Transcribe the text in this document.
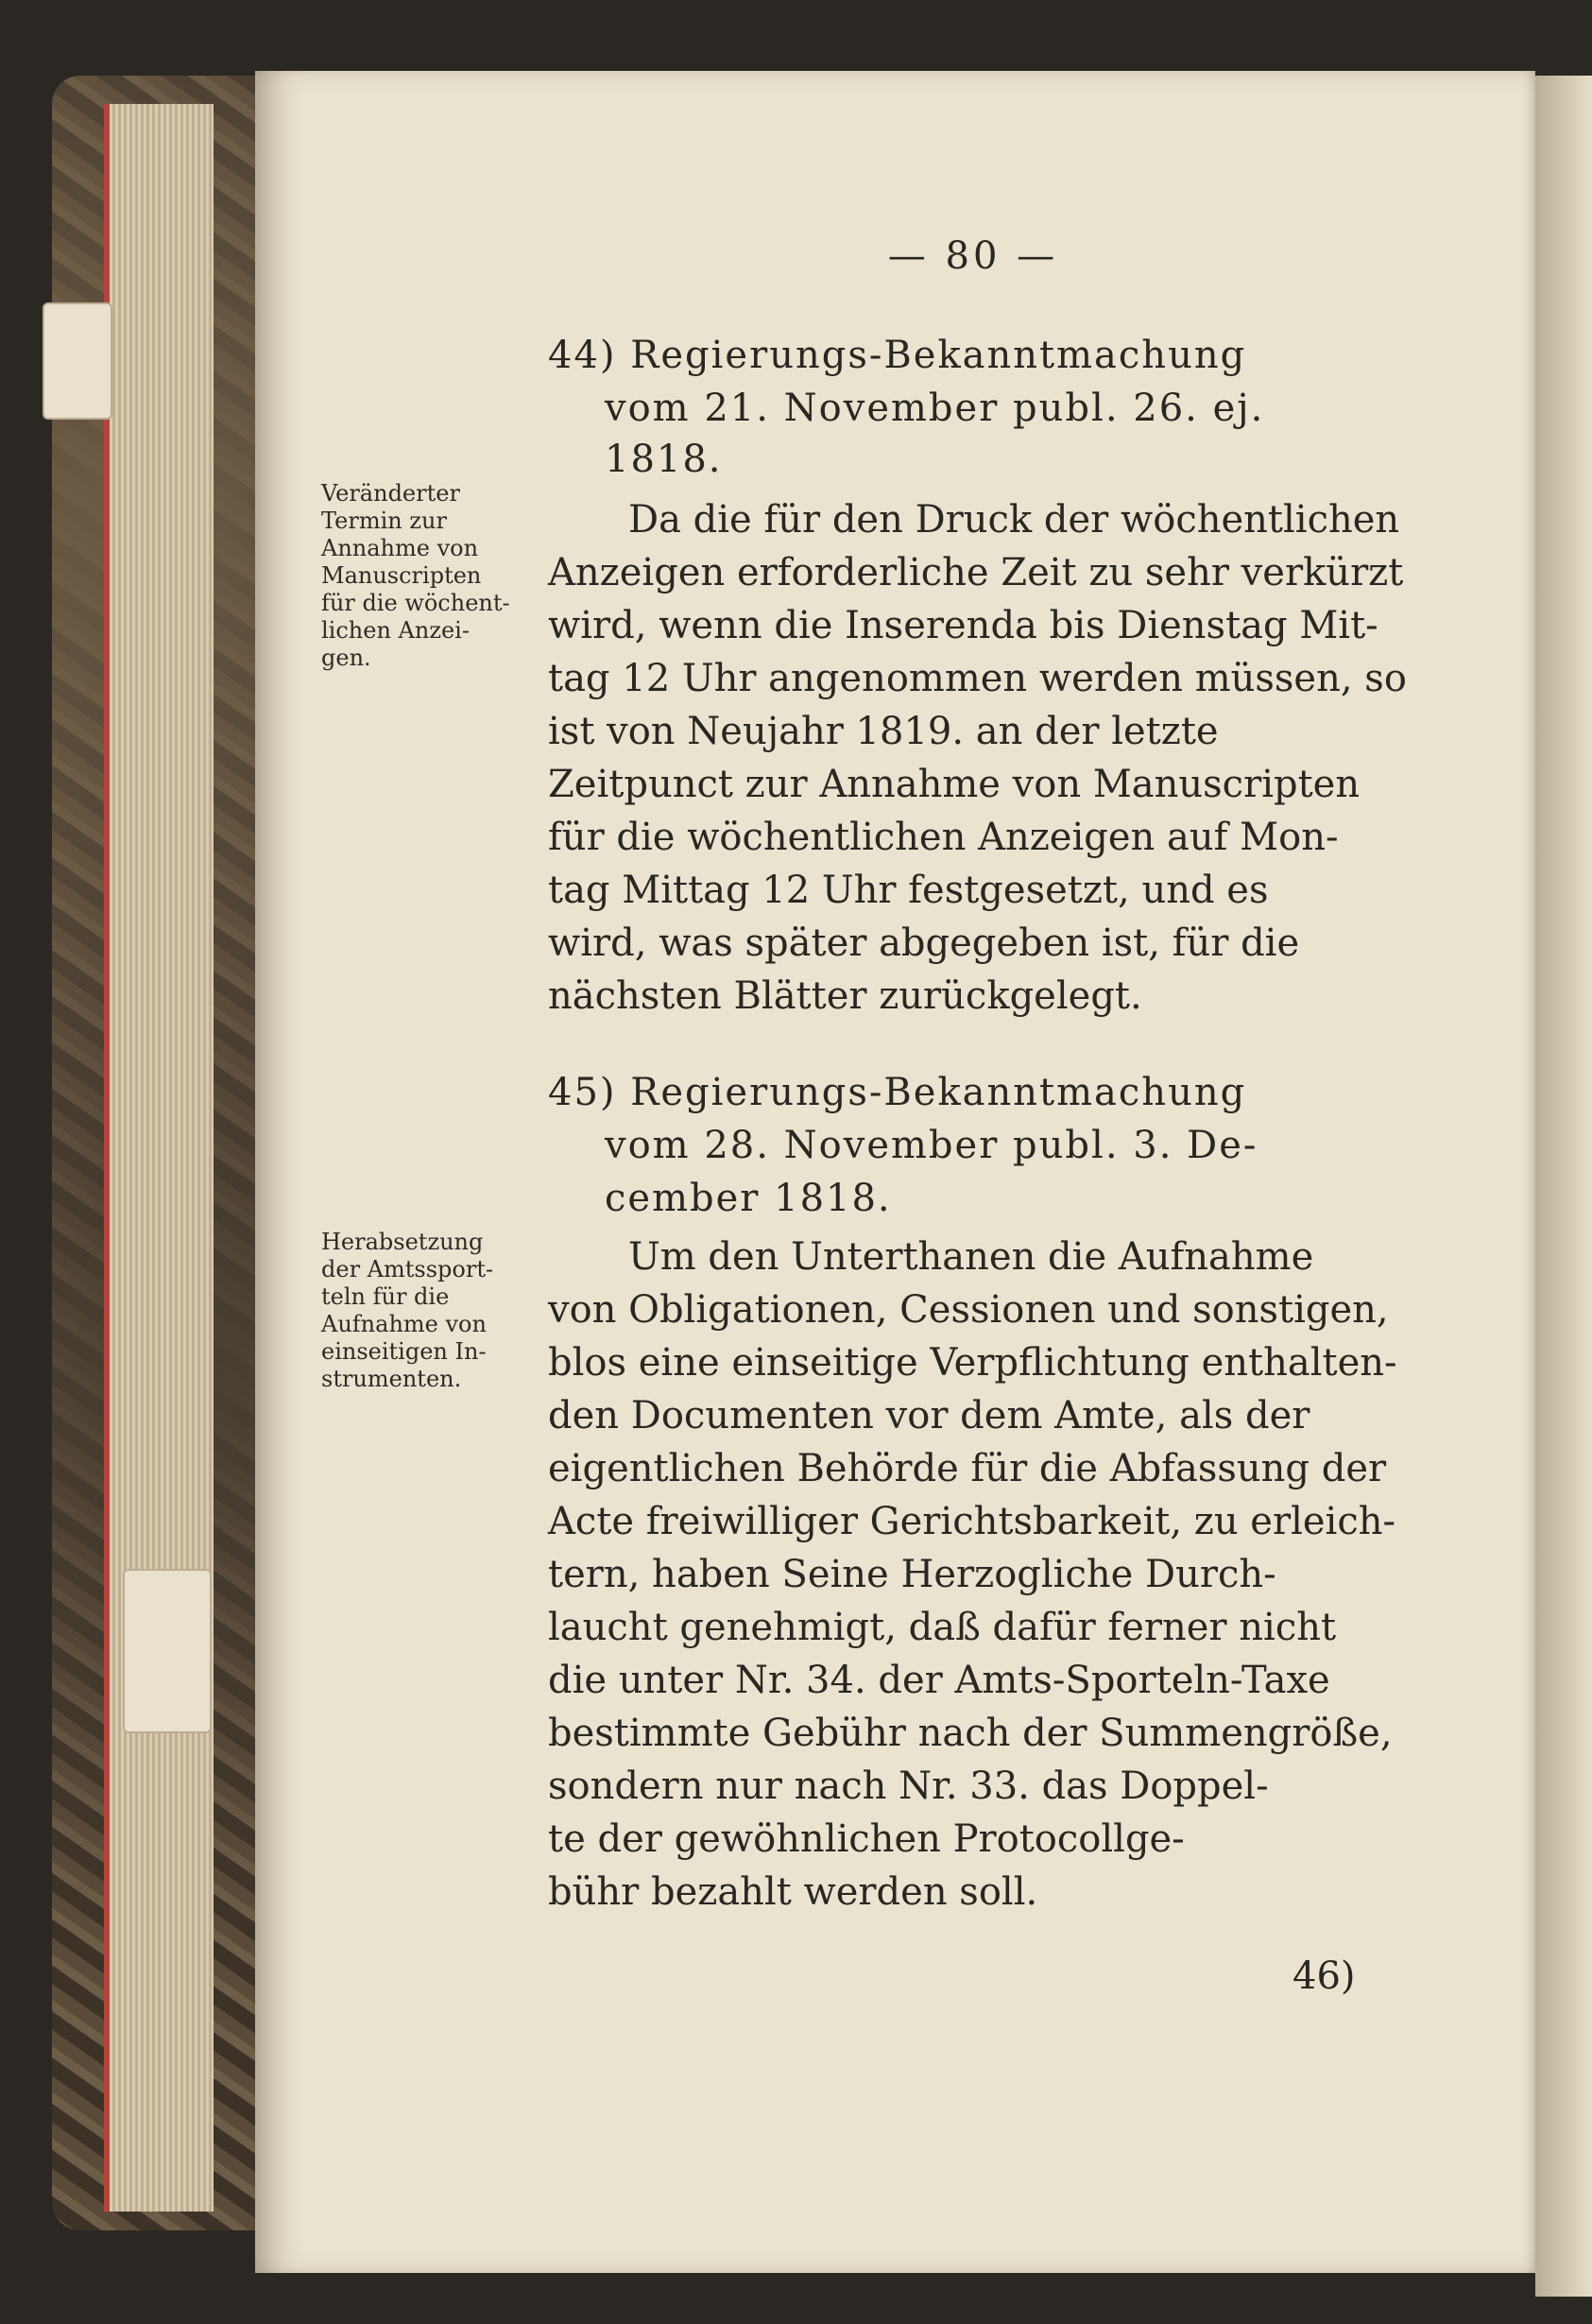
— 80 —
44) Regierungs-Bekanntmachung
vom 21. November publ. 26. ej.
1818.
Veränderter
Termin zur
Annahme von
Manuscripten
für die wöchent-
lichen Anzei-
gen.
Da die für den Druck der wöchentlichen
Anzeigen erforderliche Zeit zu sehr verkürzt
wird, wenn die Inserenda bis Dienstag Mit-
tag 12 Uhr angenommen werden müssen, so
ist von Neujahr 1819. an der letzte
Zeitpunct zur Annahme von Manuscripten
für die wöchentlichen Anzeigen auf Mon-
tag Mittag 12 Uhr festgesetzt, und es
wird, was später abgegeben ist, für die
nächsten Blätter zurückgelegt.
45) Regierungs-Bekanntmachung
vom 28. November publ. 3. De-
cember 1818.
Herabsetzung
der Amtssport-
teln für die
Aufnahme von
einseitigen In-
strumenten.
Um den Unterthanen die Aufnahme
von Obligationen, Cessionen und sonstigen,
blos eine einseitige Verpflichtung enthalten-
den Documenten vor dem Amte, als der
eigentlichen Behörde für die Abfassung der
Acte freiwilliger Gerichtsbarkeit, zu erleich-
tern, haben Seine Herzogliche Durch-
laucht genehmigt, daß dafür ferner nicht
die unter Nr. 34. der Amts-Sporteln-Taxe
bestimmte Gebühr nach der Summengröße,
sondern nur nach Nr. 33. das Doppel-
te der gewöhnlichen Protocollge-
bühr bezahlt werden soll.
46)
